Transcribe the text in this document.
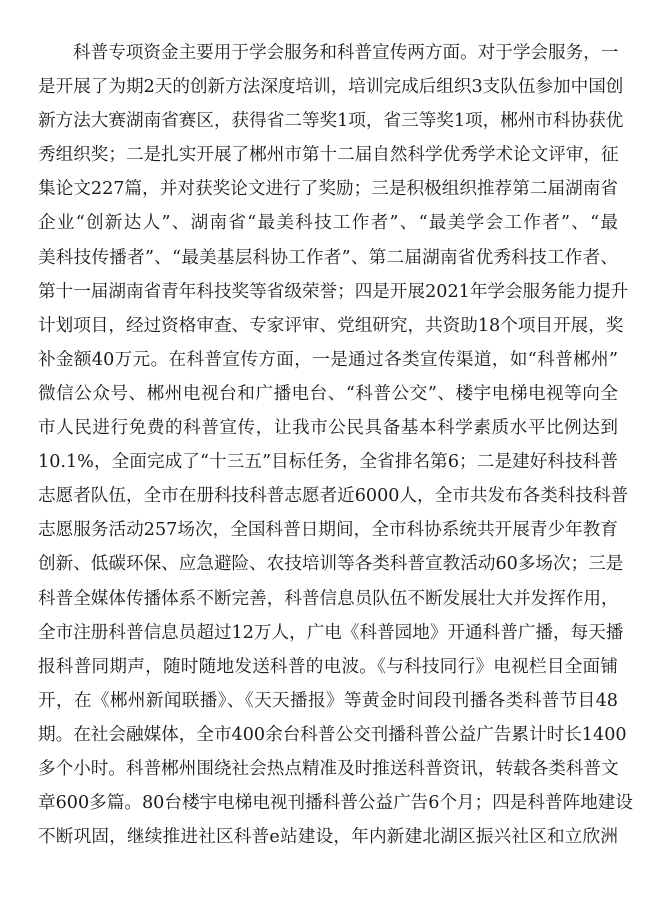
科普专项资金主要用于学会服务和科普宣传两方面。对于学会服务，一
是开展了为期2天的创新方法深度培训，培训完成后组织3支队伍参加中国创
新方法大赛湖南省赛区，获得省二等奖1项，省三等奖1项，郴州市科协获优
秀组织奖；二是扎实开展了郴州市第十二届自然科学优秀学术论文评审，征
集论文227篇，并对获奖论文进行了奖励；三是积极组织推荐第二届湖南省
企业“创新达人”、湖南省“最美科技工作者”、“最美学会工作者”、“最
美科技传播者”、“最美基层科协工作者”、第二届湖南省优秀科技工作者、
第十一届湖南省青年科技奖等省级荣誉；四是开展2021年学会服务能力提升
计划项目，经过资格审查、专家评审、党组研究，共资助18个项目开展，奖
补金额40万元。在科普宣传方面，一是通过各类宣传渠道，如“科普郴州”
微信公众号、郴州电视台和广播电台、“科普公交”、楼宇电梯电视等向全
市人民进行免费的科普宣传，让我市公民具备基本科学素质水平比例达到
10.1%，全面完成了“十三五”目标任务，全省排名第6；二是建好科技科普
志愿者队伍，全市在册科技科普志愿者近6000人，全市共发布各类科技科普
志愿服务活动257场次，全国科普日期间，全市科协系统共开展青少年教育
创新、低碳环保、应急避险、农技培训等各类科普宣教活动60多场次；三是
科普全媒体传播体系不断完善，科普信息员队伍不断发展壮大并发挥作用，
全市注册科普信息员超过12万人，广电《科普园地》开通科普广播，每天播
报科普同期声，随时随地发送科普的电波。《与科技同行》电视栏目全面铺
开，在《郴州新闻联播》、《天天播报》等黄金时间段刊播各类科普节目48
期。在社会融媒体，全市400余台科普公交刊播科普公益广告累计时长1400
多个小时。科普郴州围绕社会热点精准及时推送科普资讯，转载各类科普文
章600多篇。80台楼宇电梯电视刊播科普公益广告6个月；四是科普阵地建设
不断巩固，继续推进社区科普e站建设，年内新建北湖区振兴社区和立欣洲
